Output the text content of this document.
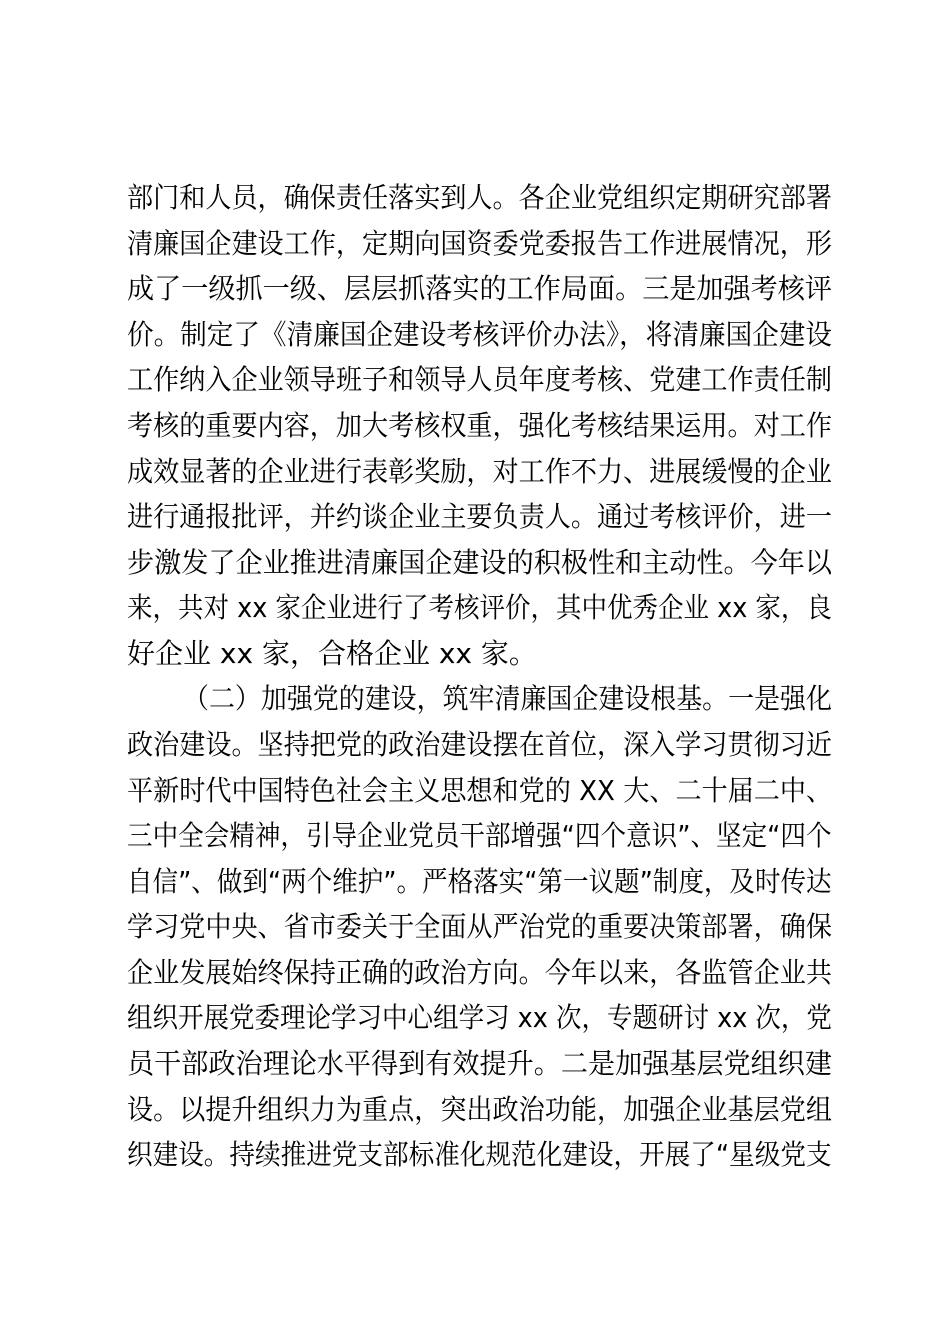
部门和人员，确保责任落实到人。各企业党组织定期研究部署
清廉国企建设工作，定期向国资委党委报告工作进展情况，形
成了一级抓一级、层层抓落实的工作局面。三是加强考核评
价。制定了《清廉国企建设考核评价办法》，将清廉国企建设
工作纳入企业领导班子和领导人员年度考核、党建工作责任制
考核的重要内容，加大考核权重，强化考核结果运用。对工作
成效显著的企业进行表彰奖励，对工作不力、进展缓慢的企业
进行通报批评，并约谈企业主要负责人。通过考核评价，进一
步激发了企业推进清廉国企建设的积极性和主动性。今年以
来，共对 xx 家企业进行了考核评价，其中优秀企业 xx 家，良
好企业 xx 家，合格企业 xx 家。
（二）加强党的建设，筑牢清廉国企建设根基。一是强化
政治建设。坚持把党的政治建设摆在首位，深入学习贯彻习近
平新时代中国特色社会主义思想和党的 XX 大、二十届二中、
三中全会精神，引导企业党员干部增强“四个意识”、坚定“四个
自信”、做到“两个维护”。严格落实“第一议题”制度，及时传达
学习党中央、省市委关于全面从严治党的重要决策部署，确保
企业发展始终保持正确的政治方向。今年以来，各监管企业共
组织开展党委理论学习中心组学习 xx 次，专题研讨 xx 次，党
员干部政治理论水平得到有效提升。二是加强基层党组织建
设。以提升组织力为重点，突出政治功能，加强企业基层党组
织建设。持续推进党支部标准化规范化建设，开展了“星级党支
